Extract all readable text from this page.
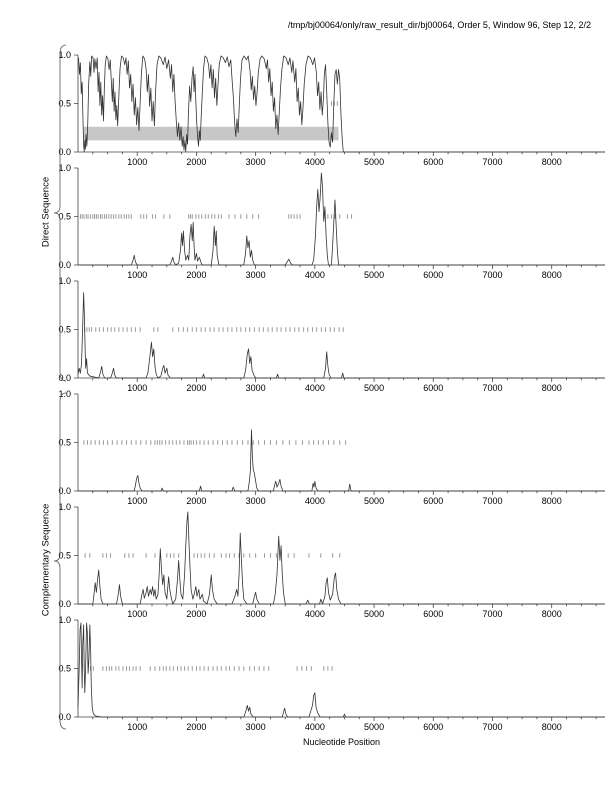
/tmp/bj00064/only/raw_result_dir/bj00064, Order 5, Window 96, Step 12, 2/2
Direct Sequence
Complementary Sequence
0.0
0.5
1.0
1000	2000	3000	4000	5000	6000	7000	8000
0.0
0.5
1.0
1000	2000	3000	4000	5000	6000	7000	8000
0.0
0.5
1.0
1000	2000	3000	4000	5000	6000	7000	8000
0.0
0.5
1.0
1000	2000	3000	4000	5000	6000	7000	8000
0.0
0.5
1.0
1000	2000	3000	4000	5000	6000	7000	8000
0.0
0.5
1.0
1000	2000	3000	4000	5000	6000	7000	8000
Nucleotide Position
